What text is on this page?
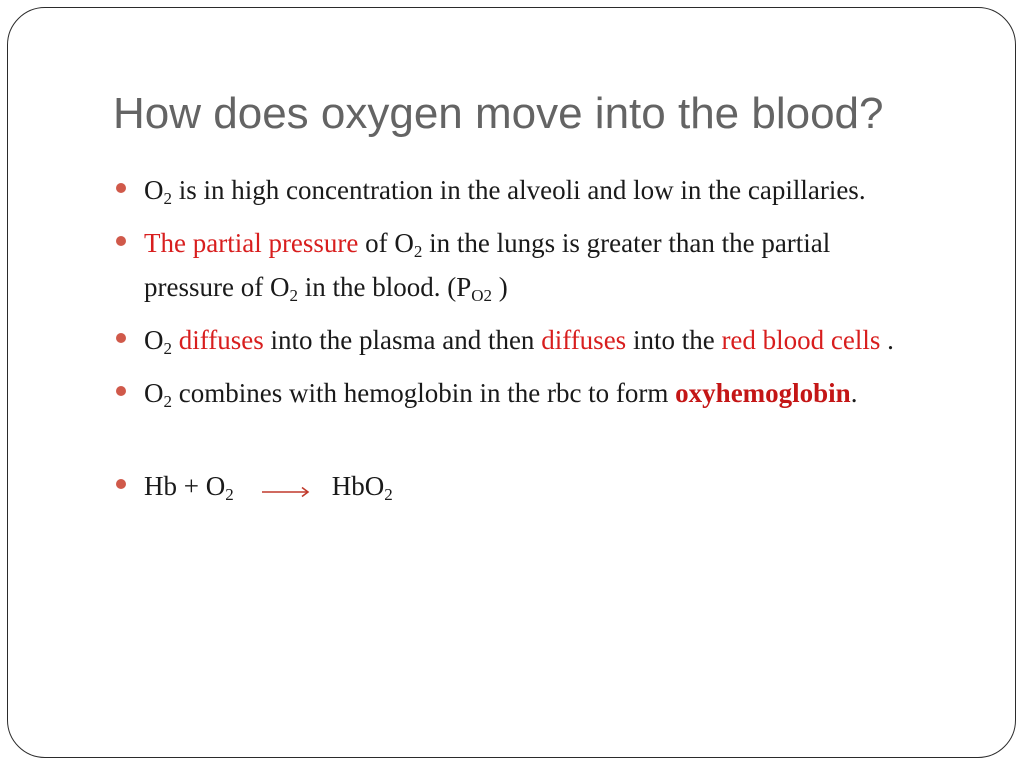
How does oxygen move into the blood?
$O_2$ is in high concentration in the alveoli and low in the capillaries.
The partial pressure of $O_2$ in the lungs is greater than the partial pressure of $O_2$ in the blood. ($P_{O2}$ )
$O_2$ diffuses into the plasma and then diffuses into the red blood cells .
$O_2$ combines with hemoglobin in the rbc to form oxyhemoglobin.
$Hb + O_2$	HbO$_2$
